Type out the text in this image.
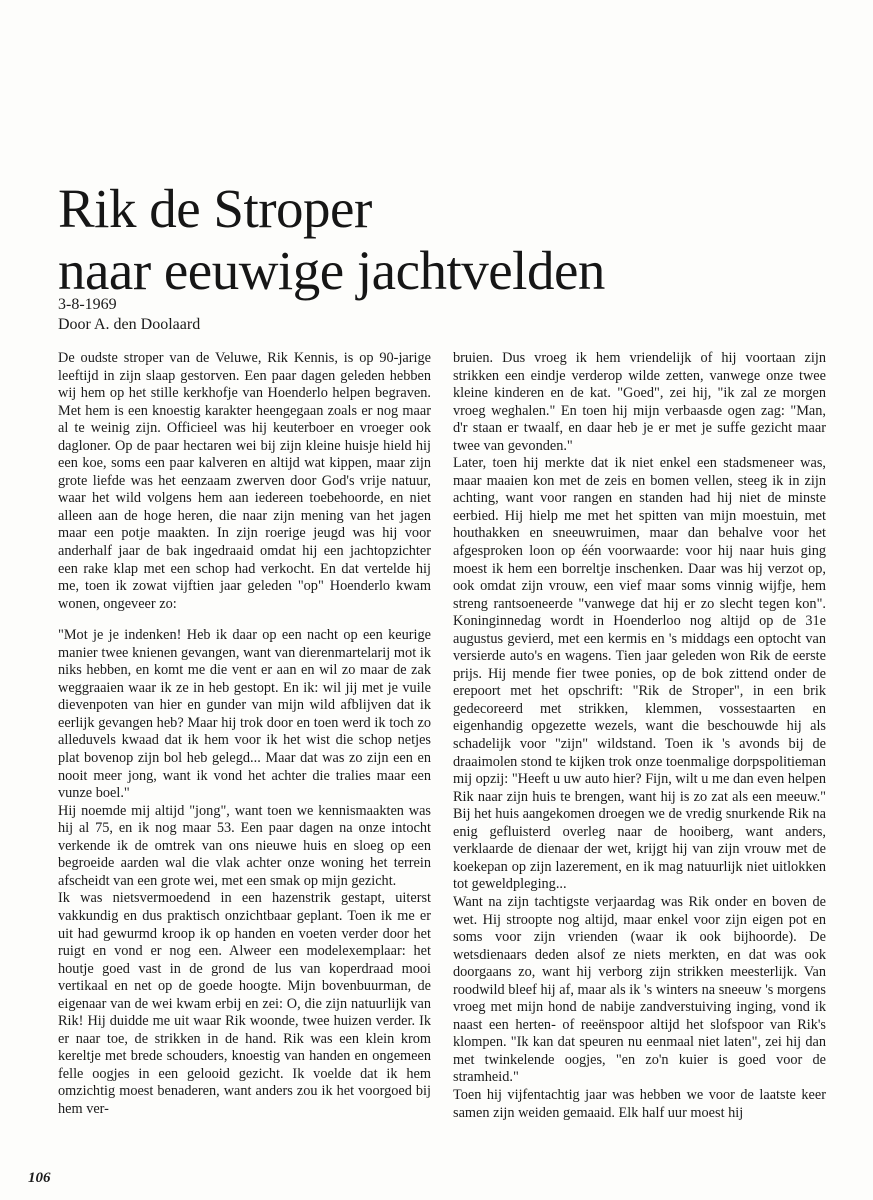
Rik de Stroper
naar eeuwige jachtvelden
3-8-1969
Door A. den Doolaard

De oudste stroper van de Veluwe, Rik Kennis, is op 90-jarige leeftijd in zijn slaap gestorven. Een paar dagen geleden hebben wij hem op het stille kerkhofje van Hoenderlo helpen begraven. Met hem is een knoestig karakter heengegaan zoals er nog maar al te weinig zijn. Officieel was hij keuterboer en vroeger ook dagloner. Op de paar hectaren wei bij zijn kleine huisje hield hij een koe, soms een paar kalveren en altijd wat kippen, maar zijn grote liefde was het eenzaam zwerven door God's vrije natuur, waar het wild volgens hem aan iedereen toebehoorde, en niet alleen aan de hoge heren, die naar zijn mening van het jagen maar een potje maakten. In zijn roerige jeugd was hij voor anderhalf jaar de bak ingedraaid omdat hij een jachtopzichter een rake klap met een schop had verkocht. En dat vertelde hij me, toen ik zowat vijftien jaar geleden "op" Hoenderlo kwam wonen, ongeveer zo:

"Mot je je indenken! Heb ik daar op een nacht op een keurige manier twee knienen gevangen, want van dierenmartelarij mot ik niks hebben, en komt me die vent er aan en wil zo maar de zak weggraaien waar ik ze in heb gestopt. En ik: wil jij met je vuile dievenpoten van hier en gunder van mijn wild afblijven dat ik eerlijk gevangen heb? Maar hij trok door en toen werd ik toch zo alleduvels kwaad dat ik hem voor ik het wist die schop netjes plat bovenop zijn bol heb gelegd... Maar dat was zo zijn een en nooit meer jong, want ik vond het achter die tralies maar een vunze boel."

Hij noemde mij altijd "jong", want toen we kennismaakten was hij al 75, en ik nog maar 53. Een paar dagen na onze intocht verkende ik de omtrek van ons nieuwe huis en sloeg op een begroeide aarden wal die vlak achter onze woning het terrein afscheidt van een grote wei, met een smak op mijn gezicht.

Ik was nietsvermoedend in een hazenstrik gestapt, uiterst vakkundig en dus praktisch onzichtbaar geplant. Toen ik me er uit had gewurmd kroop ik op handen en voeten verder door het ruigt en vond er nog een. Alweer een modelexemplaar: het houtje goed vast in de grond de lus van koperdraad mooi vertikaal en net op de goede hoogte. Mijn bovenbuurman, de eigenaar van de wei kwam erbij en zei: O, die zijn natuurlijk van Rik! Hij duidde me uit waar Rik woonde, twee huizen verder. Ik er naar toe, de strikken in de hand. Rik was een klein krom kereltje met brede schouders, knoestig van handen en ongemeen felle oogjes in een gelooid gezicht. Ik voelde dat ik hem omzichtig moest benaderen, want anders zou ik het voorgoed bij hem ver-

bruien. Dus vroeg ik hem vriendelijk of hij voortaan zijn strikken een eindje verderop wilde zetten, vanwege onze twee kleine kinderen en de kat. "Goed", zei hij, "ik zal ze morgen vroeg weghalen." En toen hij mijn verbaasde ogen zag: "Man, d'r staan er twaalf, en daar heb je er met je suffe gezicht maar twee van gevonden."

Later, toen hij merkte dat ik niet enkel een stadsmeneer was, maar maaien kon met de zeis en bomen vellen, steeg ik in zijn achting, want voor rangen en standen had hij niet de minste eerbied. Hij hielp me met het spitten van mijn moestuin, met houthakken en sneeuwruimen, maar dan behalve voor het afgesproken loon op één voorwaarde: voor hij naar huis ging moest ik hem een borreltje inschenken. Daar was hij verzot op, ook omdat zijn vrouw, een vief maar soms vinnig wijfje, hem streng rantsoeneerde "vanwege dat hij er zo slecht tegen kon". Koninginnedag wordt in Hoenderloo nog altijd op de 31e augustus gevierd, met een kermis en 's middags een optocht van versierde auto's en wagens. Tien jaar geleden won Rik de eerste prijs. Hij mende fier twee ponies, op de bok zittend onder de erepoort met het opschrift: "Rik de Stroper", in een brik gedecoreerd met strikken, klemmen, vossestaarten en eigenhandig opgezette wezels, want die beschouwde hij als schadelijk voor "zijn" wildstand. Toen ik 's avonds bij de draaimolen stond te kijken trok onze toenmalige dorpspolitieman mij opzij: "Heeft u uw auto hier? Fijn, wilt u me dan even helpen Rik naar zijn huis te brengen, want hij is zo zat als een meeuw." Bij het huis aangekomen droegen we de vredig snurkende Rik na enig gefluisterd overleg naar de hooiberg, want anders, verklaarde de dienaar der wet, krijgt hij van zijn vrouw met de koekepan op zijn lazerement, en ik mag natuurlijk niet uitlokken tot geweldpleging...

Want na zijn tachtigste verjaardag was Rik onder en boven de wet. Hij stroopte nog altijd, maar enkel voor zijn eigen pot en soms voor zijn vrienden (waar ik ook bijhoorde). De wetsdienaars deden alsof ze niets merkten, en dat was ook doorgaans zo, want hij verborg zijn strikken meesterlijk. Van roodwild bleef hij af, maar als ik 's winters na sneeuw 's morgens vroeg met mijn hond de nabije zandverstuiving inging, vond ik naast een herten- of reeënspoor altijd het slofspoor van Rik's klompen. "Ik kan dat speuren nu eenmaal niet laten", zei hij dan met twinkelende oogjes, "en zo'n kuier is goed voor de stramheid."

Toen hij vijfentachtig jaar was hebben we voor de laatste keer samen zijn weiden gemaaid. Elk half uur moest hij

106
